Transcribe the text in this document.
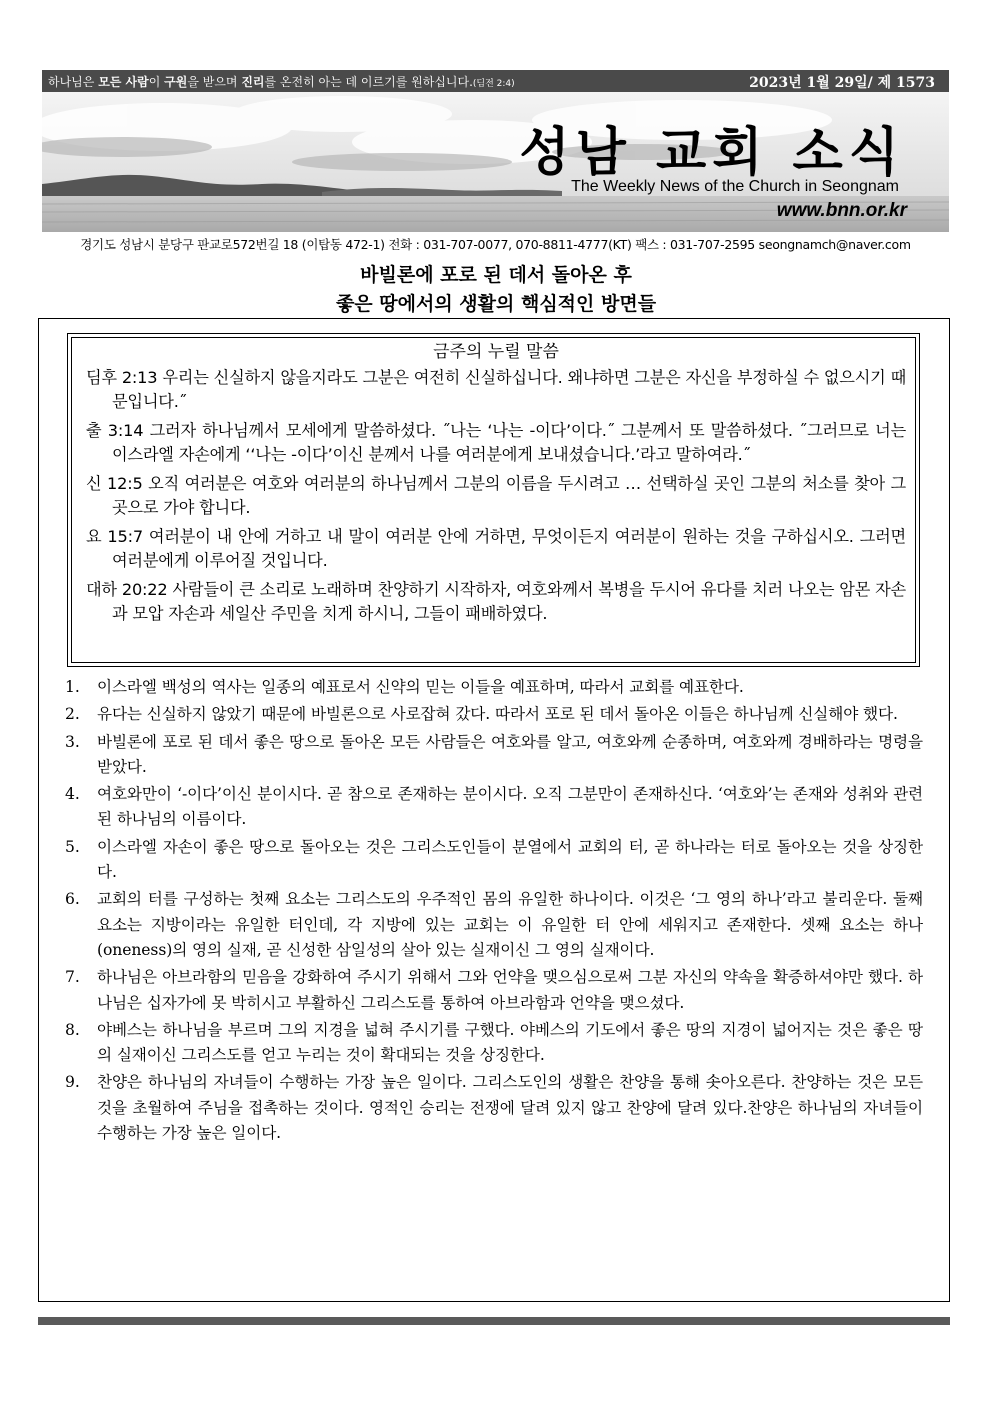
하나님은 모든 사람이 구원을 받으며 진리를 온전히 아는 데 이르기를 원하십니다.(딤전 2:4)	2023년 1월 29일/ 제 1573
성남 교회 소식
The Weekly News of the Church in Seongnam
www.bnn.or.kr
경기도 성남시 분당구 판교로572번길 18 (이탑동 472-1) 전화 : 031-707-0077, 070-8811-4777(KT) 팩스 : 031-707-2595 seongnamch@naver.com
바빌론에 포로 된 데서 돌아온 후
좋은 땅에서의 생활의 핵심적인 방면들
금주의 누릴 말씀
딤후 2:13 우리는 신실하지 않을지라도 그분은 여전히 신실하십니다. 왜냐하면 그분은 자신을 부정하실 수 없으시기 때문입니다.˝
출 3:14 그러자 하나님께서 모세에게 말씀하셨다. ˝나는 ‘나는 -이다’이다.˝ 그분께서 또 말씀하셨다. ˝그러므로 너는 이스라엘 자손에게 ‘‘나는 -이다’이신 분께서 나를 여러분에게 보내셨습니다.’라고 말하여라.˝
신 12:5 오직 여러분은 여호와 여러분의 하나님께서 그분의 이름을 두시려고 … 선택하실 곳인 그분의 처소를 찾아 그곳으로 가야 합니다.
요 15:7 여러분이 내 안에 거하고 내 말이 여러분 안에 거하면, 무엇이든지 여러분이 원하는 것을 구하십시오. 그러면 여러분에게 이루어질 것입니다.
대하 20:22 사람들이 큰 소리로 노래하며 찬양하기 시작하자, 여호와께서 복병을 두시어 유다를 치러 나오는 암몬 자손과 모압 자손과 세일산 주민을 치게 하시니, 그들이 패배하였다.
1. 이스라엘 백성의 역사는 일종의 예표로서 신약의 믿는 이들을 예표하며, 따라서 교회를 예표한다.
2. 유다는 신실하지 않았기 때문에 바빌론으로 사로잡혀 갔다. 따라서 포로 된 데서 돌아온 이들은 하나님께 신실해야 했다.
3. 바빌론에 포로 된 데서 좋은 땅으로 돌아온 모든 사람들은 여호와를 알고, 여호와께 순종하며, 여호와께 경배하라는 명령을 받았다.
4. 여호와만이 ‘-이다’이신 분이시다. 곧 참으로 존재하는 분이시다. 오직 그분만이 존재하신다. ‘여호와’는 존재와 성취와 관련된 하나님의 이름이다.
5. 이스라엘 자손이 좋은 땅으로 돌아오는 것은 그리스도인들이 분열에서 교회의 터, 곧 하나라는 터로 돌아오는 것을 상징한다.
6. 교회의 터를 구성하는 첫째 요소는 그리스도의 우주적인 몸의 유일한 하나이다. 이것은 ‘그 영의 하나’라고 불리운다. 둘째 요소는 지방이라는 유일한 터인데, 각 지방에 있는 교회는 이 유일한 터 안에 세워지고 존재한다. 셋째 요소는 하나(oneness)의 영의 실재, 곧 신성한 삼일성의 살아 있는 실재이신 그 영의 실재이다.
7. 하나님은 아브라함의 믿음을 강화하여 주시기 위해서 그와 언약을 맺으심으로써 그분 자신의 약속을 확증하셔야만 했다. 하나님은 십자가에 못 박히시고 부활하신 그리스도를 통하여 아브라함과 언약을 맺으셨다.
8. 야베스는 하나님을 부르며 그의 지경을 넓혀 주시기를 구했다. 야베스의 기도에서 좋은 땅의 지경이 넓어지는 것은 좋은 땅의 실재이신 그리스도를 얻고 누리는 것이 확대되는 것을 상징한다.
9. 찬양은 하나님의 자녀들이 수행하는 가장 높은 일이다. 그리스도인의 생활은 찬양을 통해 솟아오른다. 찬양하는 것은 모든 것을 초월하여 주님을 접촉하는 것이다. 영적인 승리는 전쟁에 달려 있지 않고 찬양에 달려 있다.찬양은 하나님의 자녀들이 수행하는 가장 높은 일이다.
